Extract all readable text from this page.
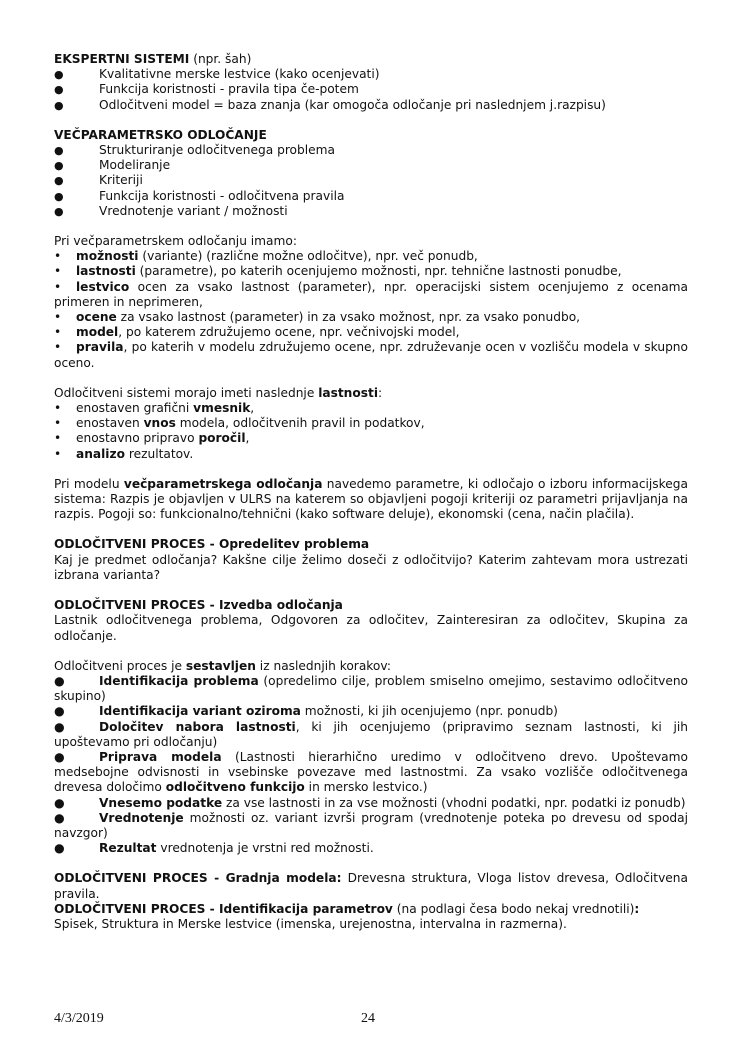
EKSPERTNI SISTEMI (npr. šah)

● Kvalitativne merske lestvice (kako ocenjevati)
● Funkcija koristnosti - pravila tipa če-potem
● Odločitveni model = baza znanja (kar omogoča odločanje pri naslednjem j.razpisu)

VEČPARAMETRSKO ODLOČANJE

● Strukturiranje odločitvenega problema
● Modeliranje
● Kriteriji
● Funkcija koristnosti - odločitvena pravila
● Vrednotenje variant / možnosti

Pri večparametrskem odločanju imamo:

• možnosti (variante) (različne možne odločitve), npr. več ponudb,
• lastnosti (parametre), po katerih ocenjujemo možnosti, npr. tehnične lastnosti ponudbe,
• lestvico ocen za vsako lastnost (parameter), npr. operacijski sistem ocenjujemo z ocenama primeren in neprimeren,
• ocene za vsako lastnost (parameter) in za vsako možnost, npr. za vsako ponudbo,
• model, po katerem združujemo ocene, npr. večnivojski model,
• pravila, po katerih v modelu združujemo ocene, npr. združevanje ocen v vozlišču modela v skupno oceno.

Odločitveni sistemi morajo imeti naslednje lastnosti:

• enostaven grafični vmesnik,
• enostaven vnos modela, odločitvenih pravil in podatkov,
• enostavno pripravo poročil,
• analizo rezultatov.

Pri modelu večparametrskega odločanja navedemo parametre, ki odločajo o izboru informacijskega sistema: Razpis je objavljen v ULRS na katerem so objavljeni pogoji kriteriji oz parametri prijavljanja na razpis. Pogoji so: funkcionalno/tehnični (kako software deluje), ekonomski (cena, način plačila).

ODLOČITVENI PROCES - Opredelitev problema

Kaj je predmet odločanja? Kakšne cilje želimo doseči z odločitvijo? Katerim zahtevam mora ustrezati izbrana varianta?

ODLOČITVENI PROCES - Izvedba odločanja

Lastnik odločitvenega problema, Odgovoren za odločitev, Zainteresiran za odločitev, Skupina za odločanje.

Odločitveni proces je sestavljen iz naslednjih korakov:

●	Identifikacija problema (opredelimo cilje, problem smiselno omejimo, sestavimo odločitveno skupino)
●	Identifikacija variant oziroma možnosti, ki jih ocenjujemo (npr. ponudb)
●	Določitev nabora lastnosti, ki jih ocenjujemo (pripravimo seznam lastnosti, ki jih upoštevamo pri odločanju)
●	Priprava modela (Lastnosti hierarhično uredimo v odločitveno drevo. Upoštevamo medsebojne odvisnosti in vsebinske povezave med lastnostmi. Za vsako vozlišče odločitvenega drevesa določimo odločitveno funkcijo in mersko lestvico.)
●	Vnesemo podatke za vse lastnosti in za vse možnosti (vhodni podatki, npr. podatki iz ponudb)
●	Vrednotenje možnosti oz. variant izvrši program (vrednotenje poteka po drevesu od spodaj navzgor)
●	Rezultat vrednotenja je vrstni red možnosti.

ODLOČITVENI PROCES - Gradnja modela: Drevesna struktura, Vloga listov drevesa, Odločitvena pravila.

ODLOČITVENI PROCES - Identifikacija parametrov (na podlagi česa bodo nekaj vrednotili):

Spisek, Struktura in Merske lestvice (imenska, urejenostna, intervalna in razmerna).

4/3/2019	24
